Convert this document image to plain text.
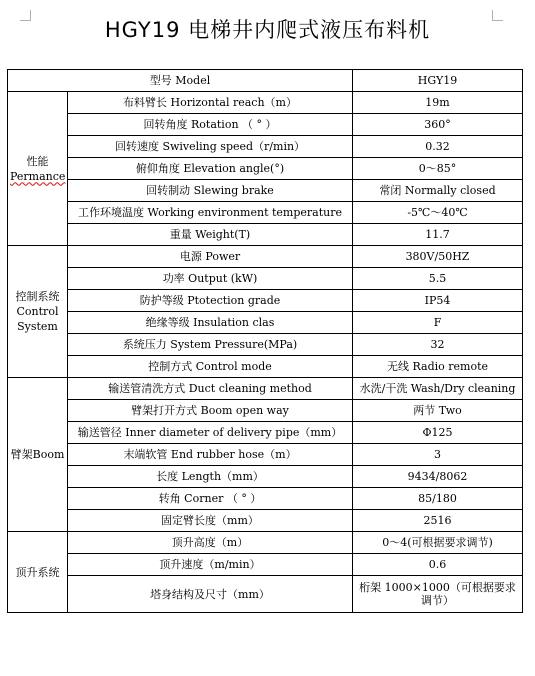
HGY19 电梯井内爬式液压布料机
型号 Model		HGY19

性能
Permance	布料臂长 Horizontal reach（m）	19m
	回转角度 Rotation （ ° ）	360°
	回转速度 Swiveling speed（r/min）	0.32
	俯仰角度 Elevation angle(°)	0～85°
	回转制动 Slewing brake	常闭 Normally closed
	工作环境温度 Working environment temperature	-5℃～40℃
	重量 Weight(T)	11.7

控制系统
Control System	电源 Power	380V/50HZ
	功率 Output (kW)	5.5
	防护等级 Ptotection grade	IP54
	绝缘等级 Insulation clas	F
	系统压力 System Pressure(MPa)	32
	控制方式 Control mode	无线 Radio remote

臂架Boom	输送管清洗方式 Duct cleaning method	水洗/干洗 Wash/Dry cleaning
	臂架打开方式 Boom open way	两节 Two
	输送管径 Inner diameter of delivery pipe（mm）	Φ125
	末端软管 End rubber hose（m）	3
	长度 Length（mm）	9434/8062
	转角 Corner （ ° ）	85/180
	固定臂长度（mm）	2516

顶升系统	顶升高度（m）	0～4(可根据要求调节)
	顶升速度（m/min）	0.6
	塔身结构及尺寸（mm）	桁架 1000×1000（可根据要求调节）
